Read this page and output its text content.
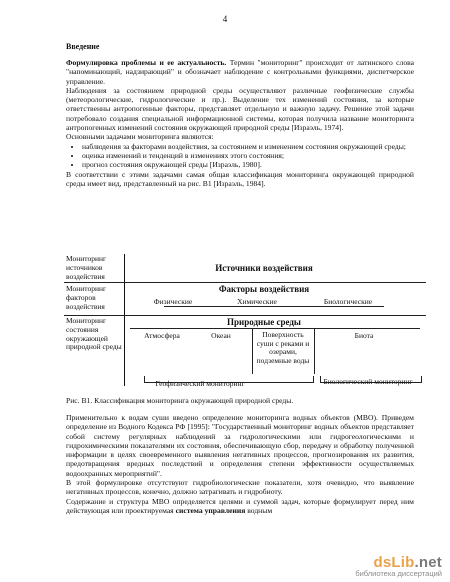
4
Введение

Формулировка проблемы и ее актуальность. Термин "мониторинг" происходит от латинского слова "напоминающий, надзирающий" и обозначает наблюдение с контрольными функциями, диспетчерское управление.

Наблюдения за состоянием природной среды осуществляют различные геофизические службы (метеорологические, гидрологические и пр.). Выделение тех изменений состояния, за которые ответственны антропогенные факторы, представляет отдельную и важную задачу. Решение этой задачи потребовало создания специальной информационной системы, которая получила название мониторинга антропогенных изменений состояния окружающей природной среды [Израэль, 1974].

Основными задачами мониторинга являются:

• наблюдения за факторами воздействия, за состоянием и изменением состояния окружающей среды;
• оценка изменений и тенденций в изменениях этого состояния;
• прогноз состояния окружающей среды [Израэль, 1980].

В соответствии с этими задачами самая общая классификация мониторинга окружающей природной среды имеет вид, представленный на рис. В1 [Израэль, 1984].

Мониторинг источников воздействия
Источники воздействия
Мониторинг факторов воздействия
Факторы воздействия
Физические	Химические	Биологические
Мониторинг состояния окружающей природной среды
Природные среды
Атмосфера	Океан	Поверхность суши с реками и озерами, подземные воды
Биота
Геофизический мониторинг	Биологический мониторинг
Рис. В1. Классификация мониторинга окружающей природной среды.

Применительно к водам суши введено определение мониторинга водных объектов (МВО). Приведем определение из Водного Кодекса РФ [1995]: "Государственный мониторинг водных объектов представляет собой систему регулярных наблюдений за гидрологическими или гидрогеологическими и гидрохимическими показателями их состояния, обеспечивающую сбор, передачу и обработку полученной информации в целях своевременного выявления негативных процессов, прогнозирования их развития, предотвращения вредных последствий и определения степени эффективности осуществляемых водоохранных мероприятий".

В этой формулировке отсутствуют гидробиологические показатели, хотя очевидно, что выявление негативных процессов, конечно, должно затрагивать и гидробиоту.

Содержание и структура МВО определяется целями и суммой задач, которые формулирует перед ним действующая или проектируемая система управления водным

dsLib.net
библиотека диссертаций
